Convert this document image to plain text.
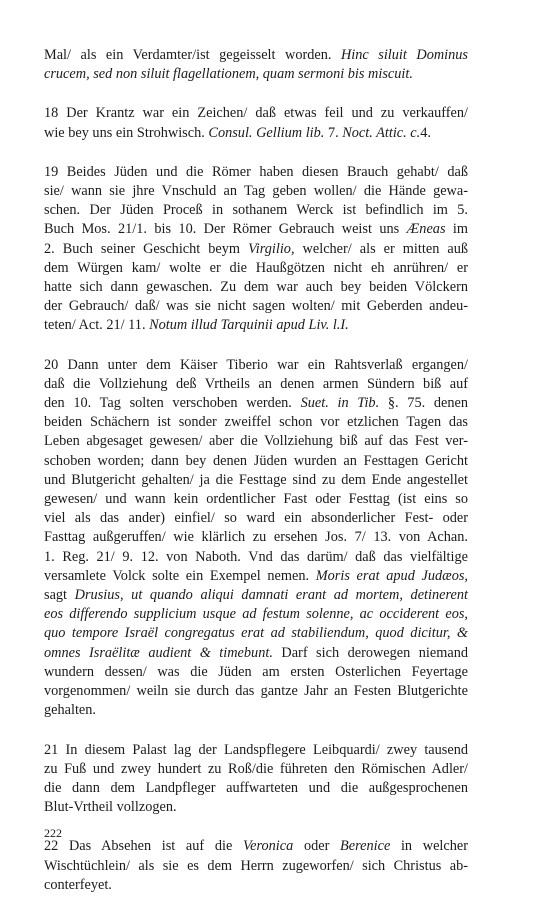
Mal/ als ein Verdamter/ist gegeisselt worden. Hinc siluit Dominus
crucem, sed non siluit flagellationem, quam sermoni bis miscuit.
18 Der Krantz war ein Zeichen/ daß etwas feil und zu verkauffen/
wie bey uns ein Strohwisch. Consul. Gellium lib. 7. Noct. Attic. c.4.
19 Beides Jüden und die Römer haben diesen Brauch gehabt/ daß
sie/ wann sie jhre Vnschuld an Tag geben wollen/ die Hände gewa-
schen. Der Jüden Proceß in sothanem Werck ist befindlich im 5.
Buch Mos. 21/1. bis 10. Der Römer Gebrauch weist uns Æneas im
2. Buch seiner Geschicht beym Virgilio, welcher/ als er mitten auß
dem Würgen kam/ wolte er die Haußgötzen nicht eh anrühren/ er
hatte sich dann gewaschen. Zu dem war auch bey beiden Völckern
der Gebrauch/ daß/ was sie nicht sagen wolten/ mit Geberden andeu-
teten/ Act. 21/ 11. Notum illud Tarquinii apud Liv. l.I.
20 Dann unter dem Käiser Tiberio war ein Rahtsverlaß ergangen/
daß die Vollziehung deß Vrtheils an denen armen Sündern biß auf
den 10. Tag solten verschoben werden. Suet. in Tib. §. 75. denen
beiden Schächern ist sonder zweiffel schon vor etzlichen Tagen das
Leben abgesaget gewesen/ aber die Vollziehung biß auf das Fest ver-
schoben worden; dann bey denen Jüden wurden an Festtagen Gericht
und Blutgericht gehalten/ ja die Festtage sind zu dem Ende angestellet
gewesen/ und wann kein ordentlicher Fast oder Festtag (ist eins so
viel als das ander) einfiel/ so ward ein absonderlicher Fest- oder
Fasttag außgeruffen/ wie klärlich zu ersehen Jos. 7/ 13. von Achan.
1. Reg. 21/ 9. 12. von Naboth. Vnd das darüm/ daß das vielfältige
versamlete Volck solte ein Exempel nemen. Moris erat apud Judæos,
sagt Drusius, ut quando aliqui damnati erant ad mortem, detinerent
eos differendo supplicium usque ad festum solenne, ac occiderent eos,
quo tempore Israël congregatus erat ad stabiliendum, quod dicitur, &
omnes Israëlitæ audient & timebunt. Darf sich derowegen niemand
wundern dessen/ was die Jüden am ersten Osterlichen Feyertage
vorgenommen/ weiln sie durch das gantze Jahr an Festen Blutgerichte
gehalten.
21 In diesem Palast lag der Landspflegere Leibquardi/ zwey tausend
zu Fuß und zwey hundert zu Roß/die führeten den Römischen Adler/
die dann dem Landpfleger auffwarteten und die außgesprochenen
Blut-Vrtheil vollzogen.
22 Das Absehen ist auf die Veronica oder Berenice in welcher
Wischtüchlein/ als sie es dem Herrn zugeworfen/ sich Christus ab-
conterfeyet.
222
